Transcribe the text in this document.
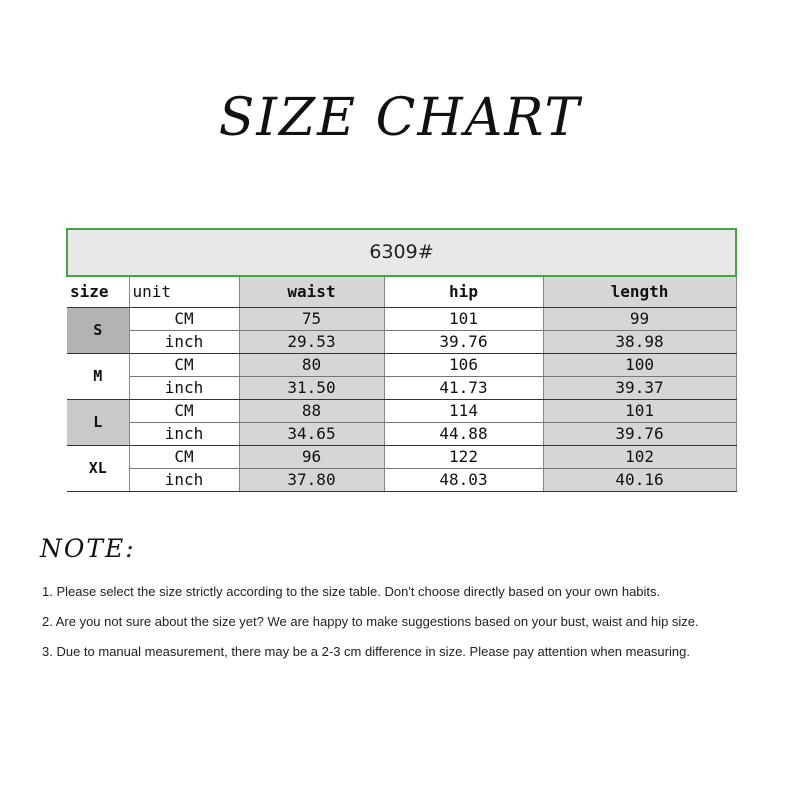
SIZE CHART
6309#				
size	unit	waist	hip	length
S	CM	75	101	99
	inch	29.53	39.76	38.98
M	CM	80	106	100
	inch	31.50	41.73	39.37
L	CM	88	114	101
	inch	34.65	44.88	39.76
XL	CM	96	122	102
	inch	37.80	48.03	40.16
NOTE:
1. Please select the size strictly according to the size table. Don't choose directly based on your own habits.
2. Are you not sure about the size yet? We are happy to make suggestions based on your bust, waist and hip size.
3. Due to manual measurement, there may be a 2-3 cm difference in size. Please pay attention when measuring.
